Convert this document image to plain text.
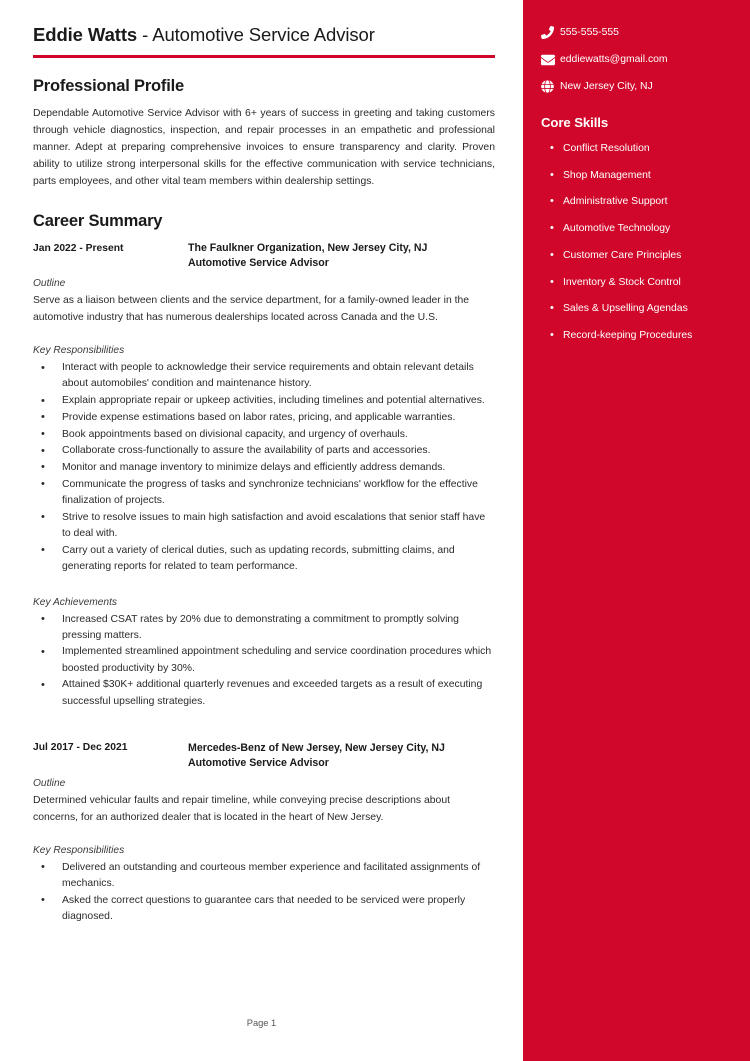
Eddie Watts - Automotive Service Advisor
Professional Profile

Dependable Automotive Service Advisor with 6+ years of success in greeting and taking customers through vehicle diagnostics, inspection, and repair processes in an empathetic and professional manner. Adept at preparing comprehensive invoices to ensure transparency and clarity. Proven ability to utilize strong interpersonal skills for the effective communication with service technicians, parts employees, and other vital team members within dealership settings.

Career Summary
Jan 2022 - Present	The Faulkner Organization, New Jersey City, NJ
Automotive Service Advisor
Outline

Serve as a liaison between clients and the service department, for a family-owned leader in the automotive industry that has numerous dealerships located across Canada and the U.S.

Key Responsibilities
• Interact with people to acknowledge their service requirements and obtain relevant details about automobiles' condition and maintenance history.
• Explain appropriate repair or upkeep activities, including timelines and potential alternatives.
• Provide expense estimations based on labor rates, pricing, and applicable warranties.
• Book appointments based on divisional capacity, and urgency of overhauls.
• Collaborate cross-functionally to assure the availability of parts and accessories.
• Monitor and manage inventory to minimize delays and efficiently address demands.
• Communicate the progress of tasks and synchronize technicians' workflow for the effective finalization of projects.
• Strive to resolve issues to main high satisfaction and avoid escalations that senior staff have to deal with.
• Carry out a variety of clerical duties, such as updating records, submitting claims, and generating reports for related to team performance.
Key Achievements
• Increased CSAT rates by 20% due to demonstrating a commitment to promptly solving pressing matters.
• Implemented streamlined appointment scheduling and service coordination procedures which boosted productivity by 30%.
• Attained $30K+ additional quarterly revenues and exceeded targets as a result of executing successful upselling strategies.
Jul 2017 - Dec 2021	Mercedes-Benz of New Jersey, New Jersey City, NJ
Automotive Service Advisor
Outline

Determined vehicular faults and repair timeline, while conveying precise descriptions about concerns, for an authorized dealer that is located in the heart of New Jersey.

Key Responsibilities
• Delivered an outstanding and courteous member experience and facilitated assignments of mechanics.
• Asked the correct questions to guarantee cars that needed to be serviced were properly diagnosed.
Page 1
555-555-555
eddiewatts@gmail.com
New Jersey City, NJ
Core Skills
• Conflict Resolution
• Shop Management
• Administrative Support
• Automotive Technology
• Customer Care Principles
• Inventory & Stock Control
• Sales & Upselling Agendas
• Record-keeping Procedures
